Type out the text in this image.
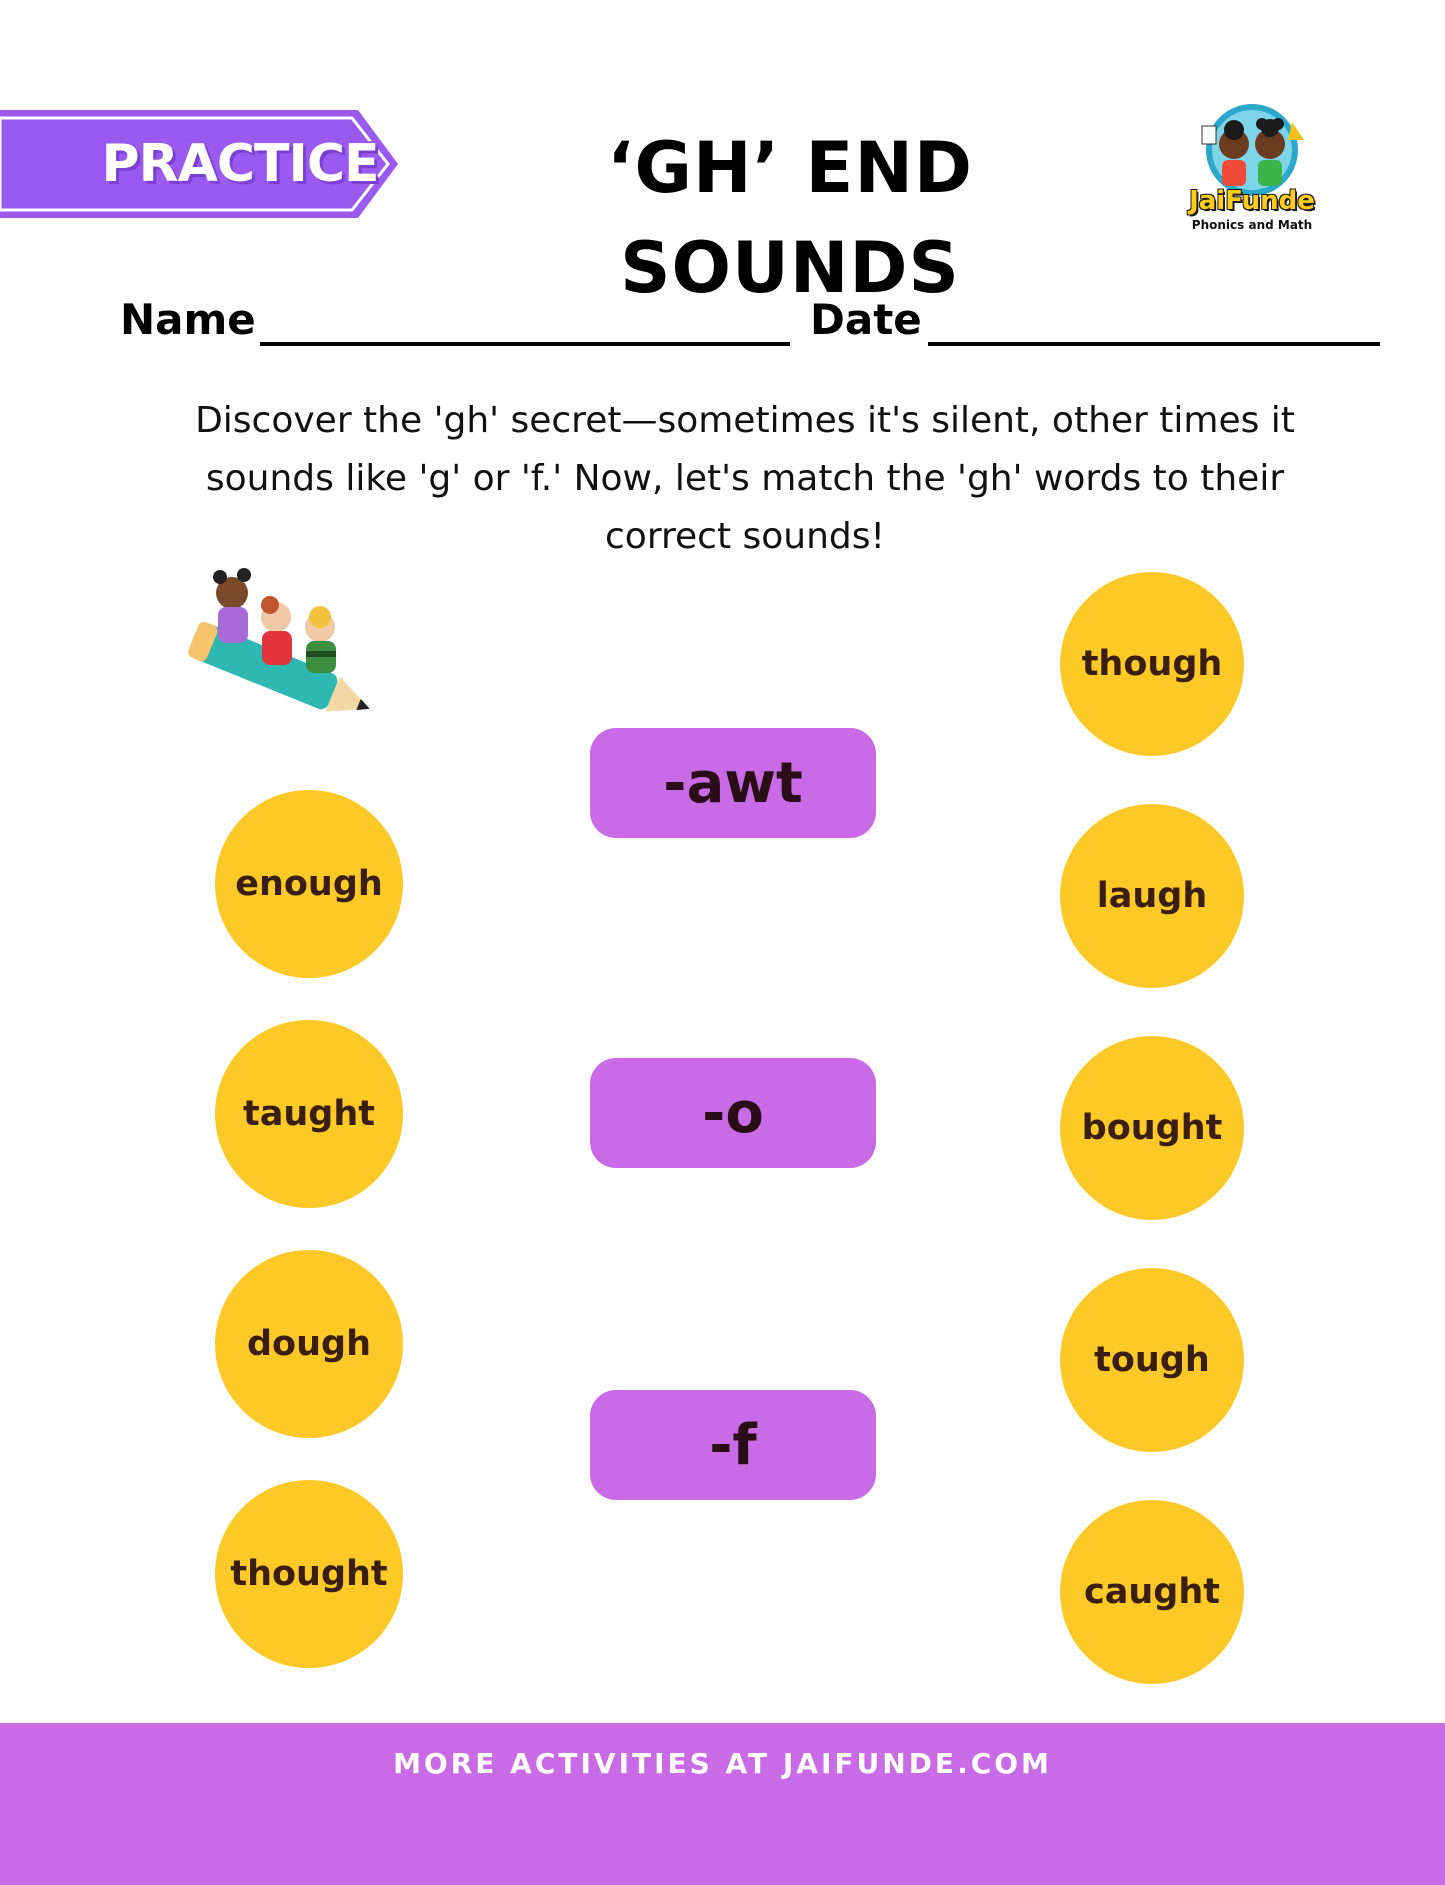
PRACTICE	‘GH’ END SOUNDS
JaiFunde
Phonics and Math
Name	Date
Discover the 'gh' secret—sometimes it's silent, other times it sounds like 'g' or 'f.' Now, let's match the 'gh' words to their correct sounds!
enough
taught
dough
thought
-awt
-o
-f
though
laugh
bought
tough
caught
MORE ACTIVITIES AT JAIFUNDE.COM
